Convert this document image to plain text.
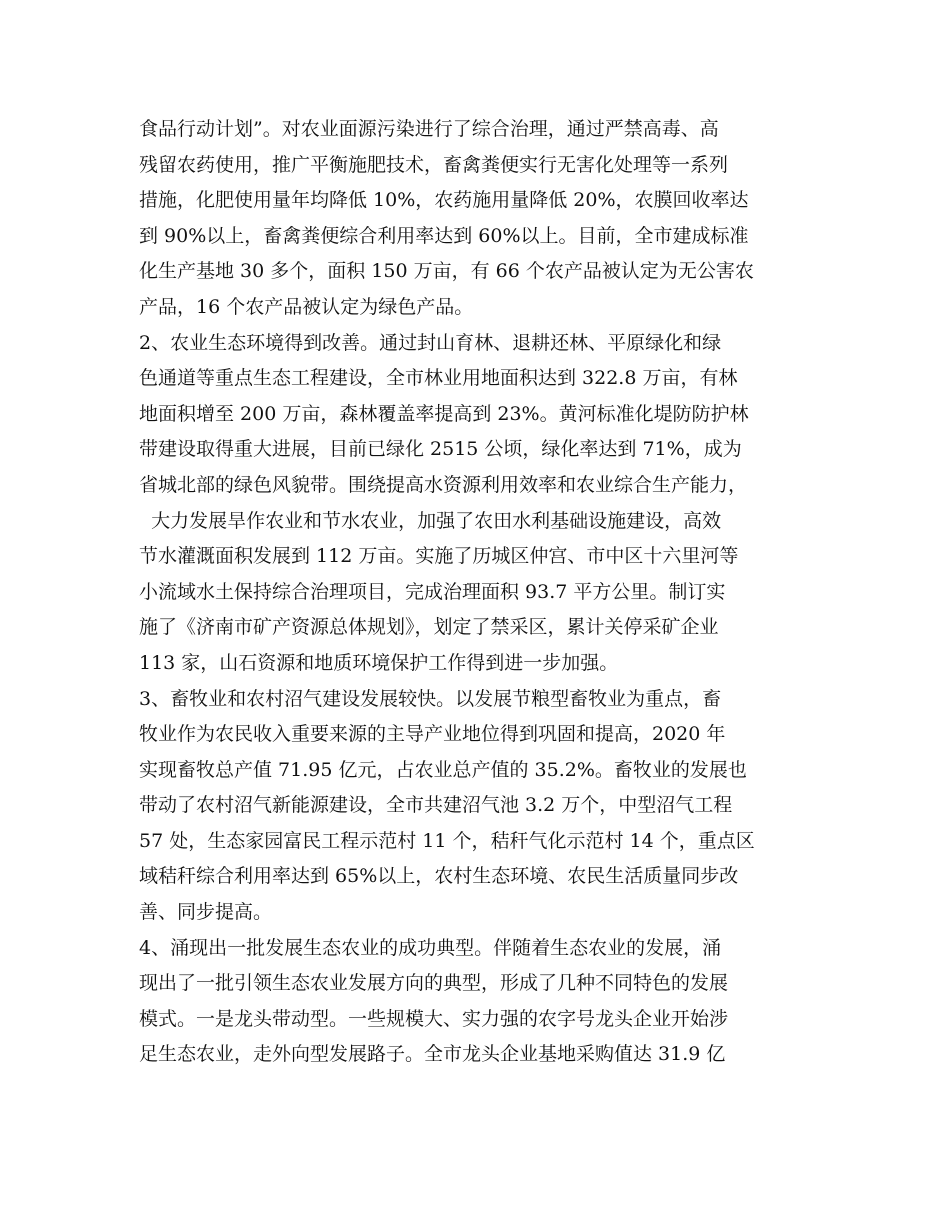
食品行动计划”。对农业面源污染进行了综合治理，通过严禁高毒、高
残留农药使用，推广平衡施肥技术，畜禽粪便实行无害化处理等一系列
措施，化肥使用量年均降低 10%，农药施用量降低 20%，农膜回收率达
到 90%以上，畜禽粪便综合利用率达到 60%以上。目前，全市建成标准
化生产基地 30 多个，面积 150 万亩，有 66 个农产品被认定为无公害农
产品，16 个农产品被认定为绿色产品。
2、农业生态环境得到改善。通过封山育林、退耕还林、平原绿化和绿
色通道等重点生态工程建设，全市林业用地面积达到 322.8 万亩，有林
地面积增至 200 万亩，森林覆盖率提高到 23%。黄河标准化堤防防护林
带建设取得重大进展，目前已绿化 2515 公顷，绿化率达到 71%，成为
省城北部的绿色风貌带。围绕提高水资源利用效率和农业综合生产能力，
大力发展旱作农业和节水农业，加强了农田水利基础设施建设，高效
节水灌溉面积发展到 112 万亩。实施了历城区仲宫、市中区十六里河等
小流域水土保持综合治理项目，完成治理面积 93.7 平方公里。制订实
施了《济南市矿产资源总体规划》，划定了禁采区，累计关停采矿企业
113 家，山石资源和地质环境保护工作得到进一步加强。
3、畜牧业和农村沼气建设发展较快。以发展节粮型畜牧业为重点，畜
牧业作为农民收入重要来源的主导产业地位得到巩固和提高，2020 年
实现畜牧总产值 71.95 亿元，占农业总产值的 35.2%。畜牧业的发展也
带动了农村沼气新能源建设，全市共建沼气池 3.2 万个，中型沼气工程
57 处，生态家园富民工程示范村 11 个，秸秆气化示范村 14 个，重点区
域秸秆综合利用率达到 65%以上，农村生态环境、农民生活质量同步改
善、同步提高。
4、涌现出一批发展生态农业的成功典型。伴随着生态农业的发展，涌
现出了一批引领生态农业发展方向的典型，形成了几种不同特色的发展
模式。一是龙头带动型。一些规模大、实力强的农字号龙头企业开始涉
足生态农业，走外向型发展路子。全市龙头企业基地采购值达 31.9 亿
